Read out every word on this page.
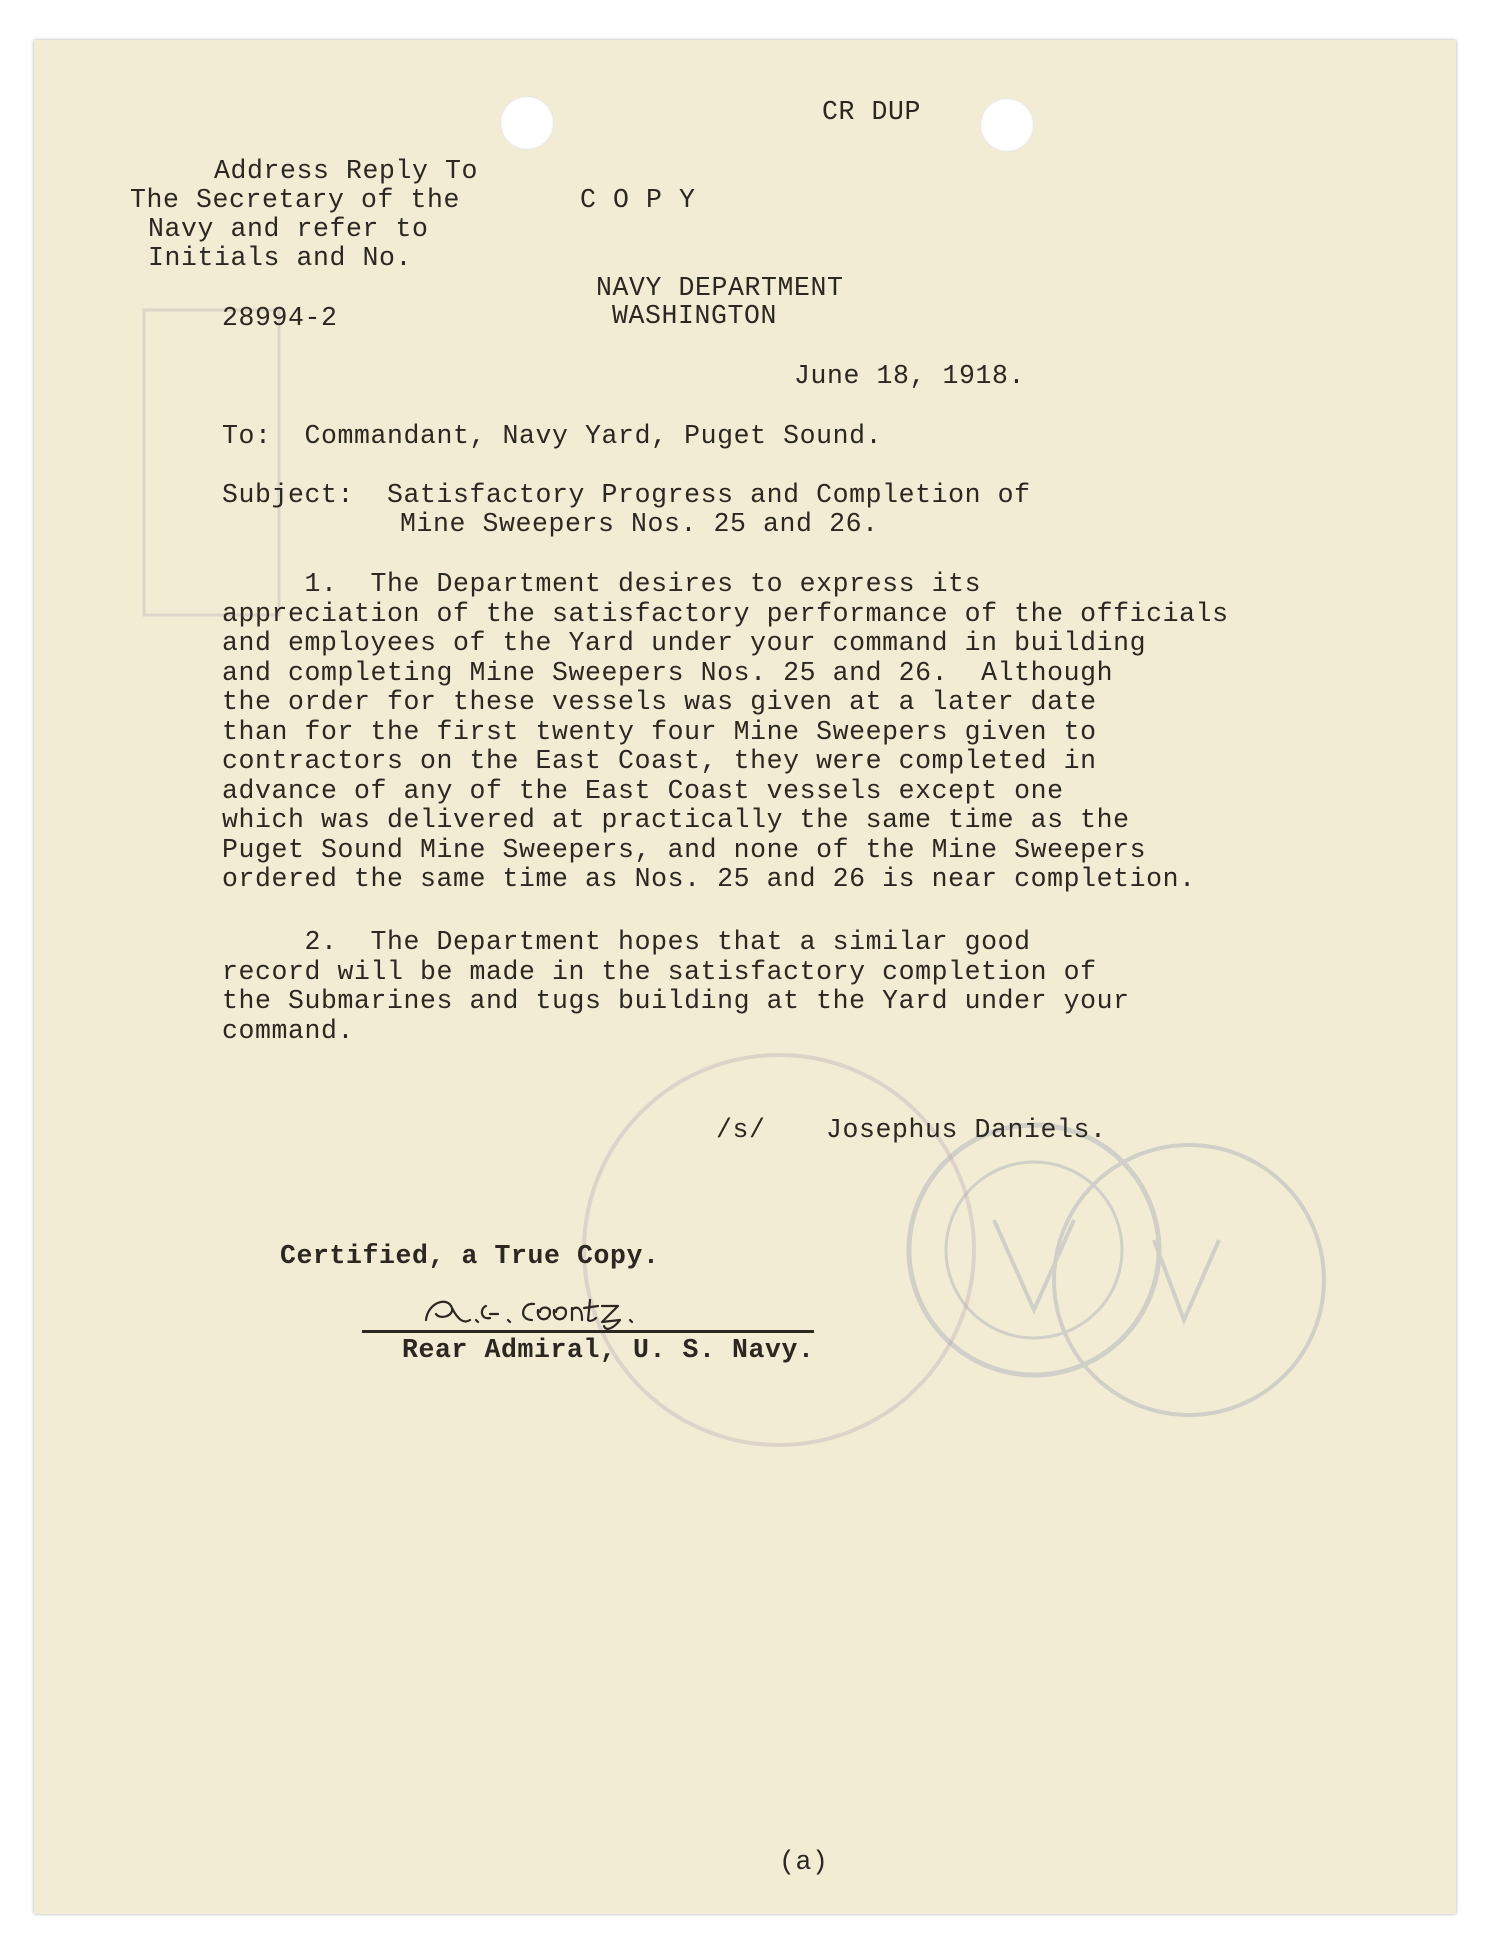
CR DUP
Address Reply To
The Secretary of the
Navy and refer to
Initials and No.
C O P Y
NAVY DEPARTMENT
WASHINGTON
28994-2
June 18, 1918.
To:  Commandant, Navy Yard, Puget Sound.
Subject:  Satisfactory Progress and Completion of
Mine Sweepers Nos. 25 and 26.
1.  The Department desires to express its
appreciation of the satisfactory performance of the officials
and employees of the Yard under your command in building
and completing Mine Sweepers Nos. 25 and 26.  Although
the order for these vessels was given at a later date
than for the first twenty four Mine Sweepers given to
contractors on the East Coast, they were completed in
advance of any of the East Coast vessels except one
which was delivered at practically the same time as the
Puget Sound Mine Sweepers, and none of the Mine Sweepers
ordered the same time as Nos. 25 and 26 is near completion.
2.  The Department hopes that a similar good
record will be made in the satisfactory completion of
the Submarines and tugs building at the Yard under your
command.
/s/ Josephus Daniels.
Certified, a True Copy.
Rear Admiral, U. S. Navy.
(a)
